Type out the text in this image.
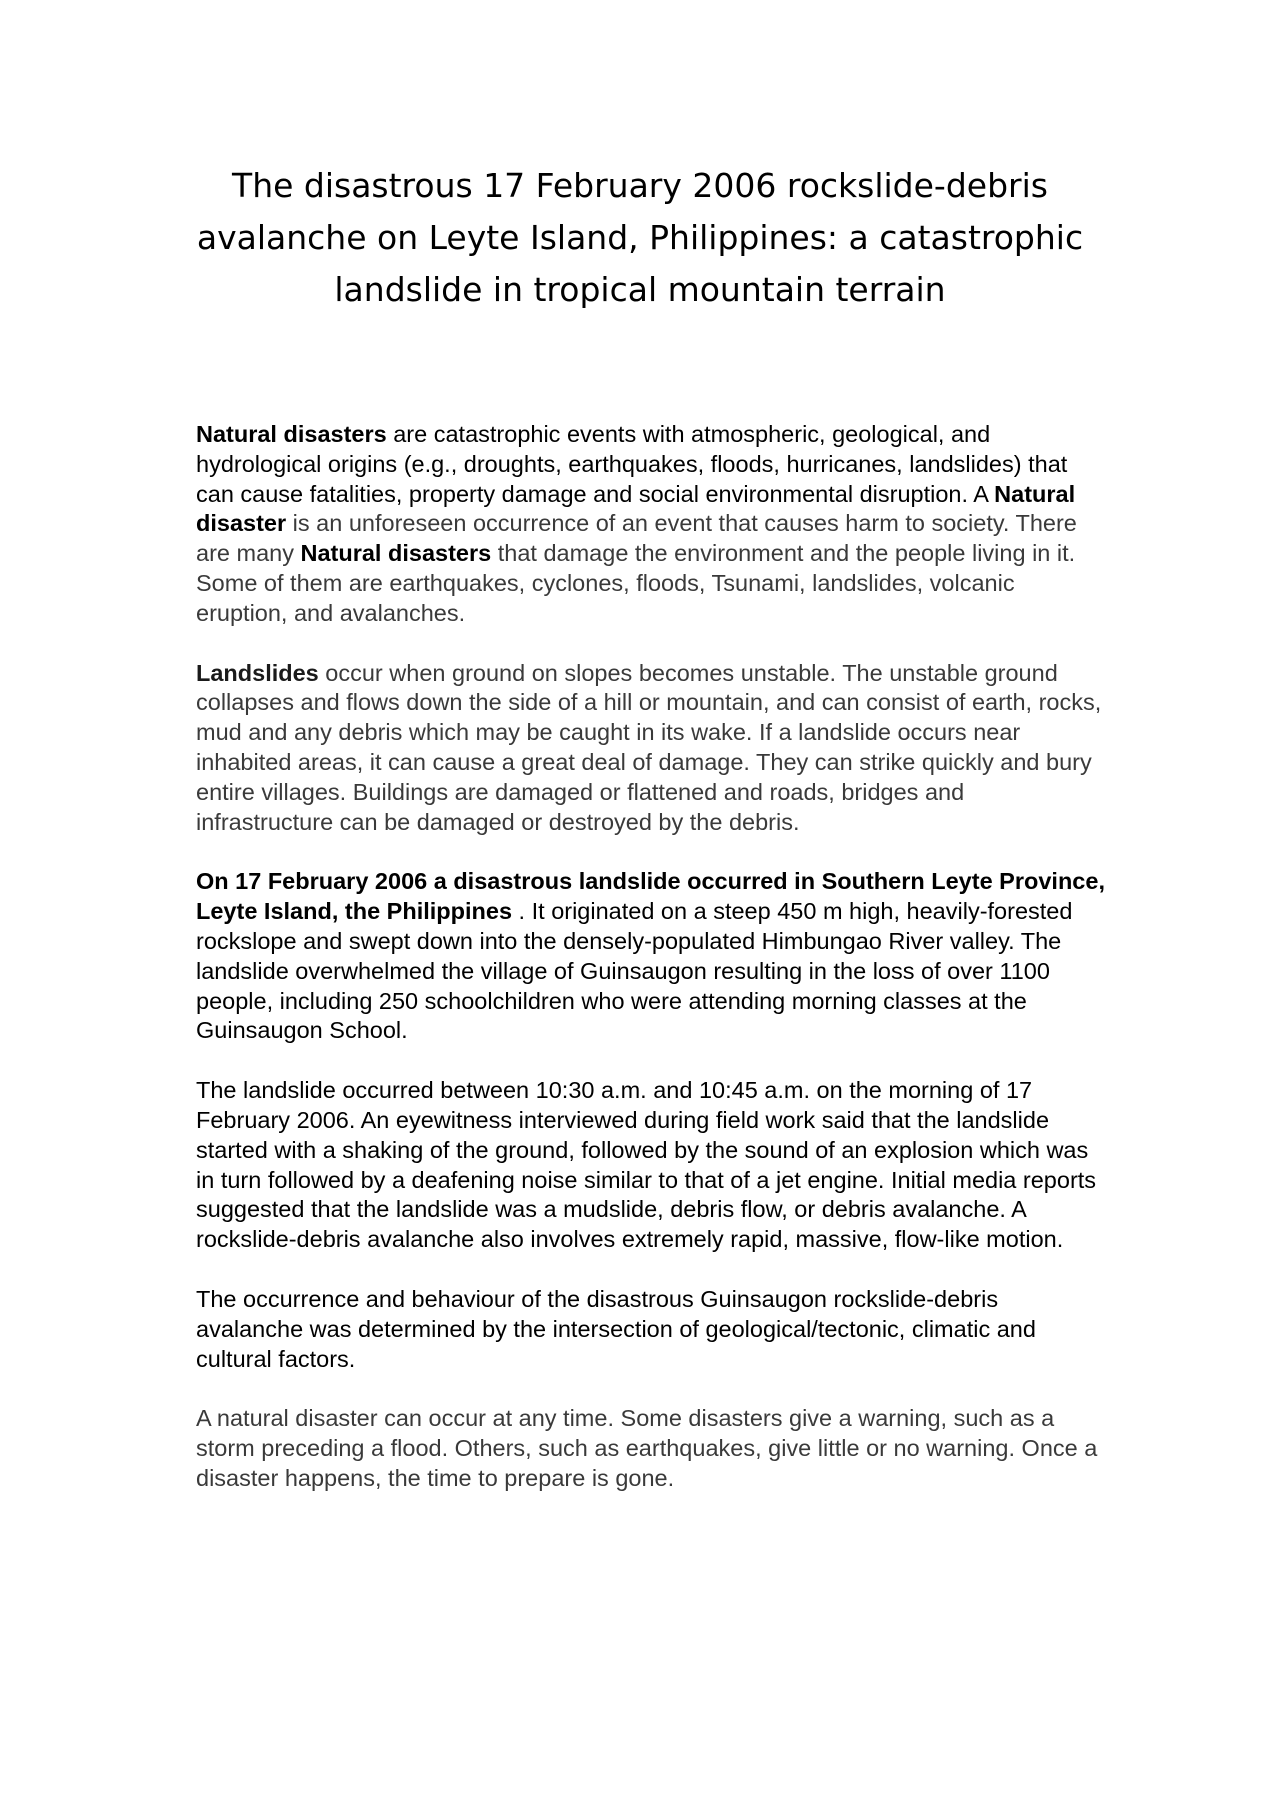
The disastrous 17 February 2006 rockslide-debris avalanche on Leyte Island, Philippines: a catastrophic landslide in tropical mountain terrain

Natural disasters are catastrophic events with atmospheric, geological, and hydrological origins (e.g., droughts, earthquakes, floods, hurricanes, landslides) that can cause fatalities, property damage and social environmental disruption. A Natural disaster is an unforeseen occurrence of an event that causes harm to society. There are many Natural disasters that damage the environment and the people living in it. Some of them are earthquakes, cyclones, floods, Tsunami, landslides, volcanic eruption, and avalanches.

Landslides occur when ground on slopes becomes unstable. The unstable ground collapses and flows down the side of a hill or mountain, and can consist of earth, rocks, mud and any debris which may be caught in its wake. If a landslide occurs near inhabited areas, it can cause a great deal of damage. They can strike quickly and bury entire villages. Buildings are damaged or flattened and roads, bridges and infrastructure can be damaged or destroyed by the debris.

On 17 February 2006 a disastrous landslide occurred in Southern Leyte Province, Leyte Island, the Philippines . It originated on a steep 450 m high, heavily-forested rockslope and swept down into the densely-populated Himbungao River valley. The landslide overwhelmed the village of Guinsaugon resulting in the loss of over 1100 people, including 250 schoolchildren who were attending morning classes at the Guinsaugon School.

The landslide occurred between 10:30 a.m. and 10:45 a.m. on the morning of 17 February 2006. An eyewitness interviewed during field work said that the landslide started with a shaking of the ground, followed by the sound of an explosion which was in turn followed by a deafening noise similar to that of a jet engine. Initial media reports suggested that the landslide was a mudslide, debris flow, or debris avalanche. A rockslide-debris avalanche also involves extremely rapid, massive, flow-like motion.

The occurrence and behaviour of the disastrous Guinsaugon rockslide-debris avalanche was determined by the intersection of geological/tectonic, climatic and cultural factors.

A natural disaster can occur at any time. Some disasters give a warning, such as a storm preceding a flood. Others, such as earthquakes, give little or no warning. Once a disaster happens, the time to prepare is gone.
